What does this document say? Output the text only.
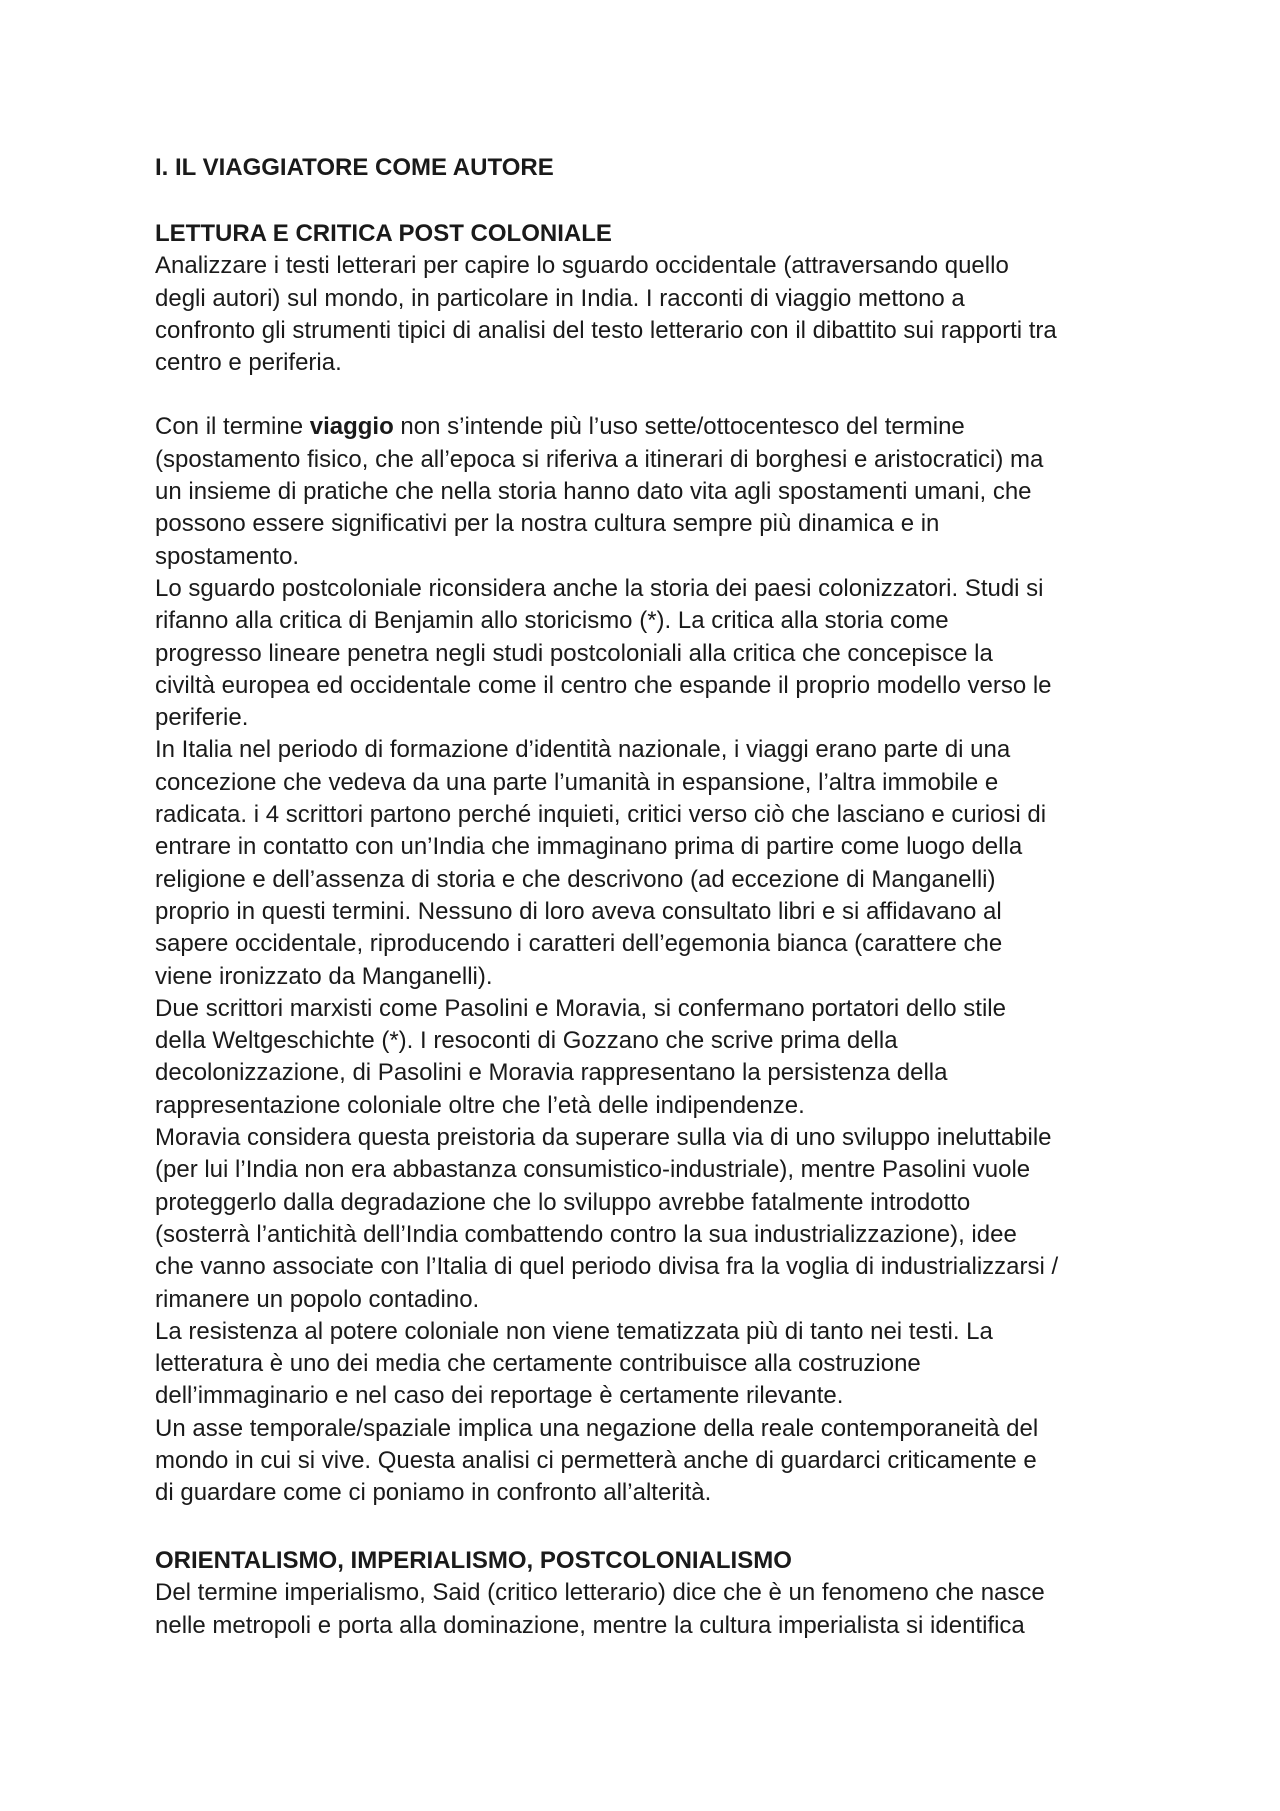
I. IL VIAGGIATORE COME AUTORE
LETTURA E CRITICA POST COLONIALE
Analizzare i testi letterari per capire lo sguardo occidentale (attraversando quello
degli autori) sul mondo, in particolare in India. I racconti di viaggio mettono a
confronto gli strumenti tipici di analisi del testo letterario con il dibattito sui rapporti tra
centro e periferia.
Con il termine viaggio non s’intende più l’uso sette/ottocentesco del termine
(spostamento fisico, che all’epoca si riferiva a itinerari di borghesi e aristocratici) ma
un insieme di pratiche che nella storia hanno dato vita agli spostamenti umani, che
possono essere significativi per la nostra cultura sempre più dinamica e in
spostamento.
Lo sguardo postcoloniale riconsidera anche la storia dei paesi colonizzatori. Studi si
rifanno alla critica di Benjamin allo storicismo (*). La critica alla storia come
progresso lineare penetra negli studi postcoloniali alla critica che concepisce la
civiltà europea ed occidentale come il centro che espande il proprio modello verso le
periferie.
In Italia nel periodo di formazione d’identità nazionale, i viaggi erano parte di una
concezione che vedeva da una parte l’umanità in espansione, l’altra immobile e
radicata. i 4 scrittori partono perché inquieti, critici verso ciò che lasciano e curiosi di
entrare in contatto con un’India che immaginano prima di partire come luogo della
religione e dell’assenza di storia e che descrivono (ad eccezione di Manganelli)
proprio in questi termini. Nessuno di loro aveva consultato libri e si affidavano al
sapere occidentale, riproducendo i caratteri dell’egemonia bianca (carattere che
viene ironizzato da Manganelli).
Due scrittori marxisti come Pasolini e Moravia, si confermano portatori dello stile
della Weltgeschichte (*). I resoconti di Gozzano che scrive prima della
decolonizzazione, di Pasolini e Moravia rappresentano la persistenza della
rappresentazione coloniale oltre che l’età delle indipendenze.
Moravia considera questa preistoria da superare sulla via di uno sviluppo ineluttabile
(per lui l’India non era abbastanza consumistico-industriale), mentre Pasolini vuole
proteggerlo dalla degradazione che lo sviluppo avrebbe fatalmente introdotto
(sosterrà l’antichità dell’India combattendo contro la sua industrializzazione), idee
che vanno associate con l’Italia di quel periodo divisa fra la voglia di industrializzarsi /
rimanere un popolo contadino.
La resistenza al potere coloniale non viene tematizzata più di tanto nei testi. La
letteratura è uno dei media che certamente contribuisce alla costruzione
dell’immaginario e nel caso dei reportage è certamente rilevante.
Un asse temporale/spaziale implica una negazione della reale contemporaneità del
mondo in cui si vive. Questa analisi ci permetterà anche di guardarci criticamente e
di guardare come ci poniamo in confronto all’alterità.
ORIENTALISMO, IMPERIALISMO, POSTCOLONIALISMO
Del termine imperialismo, Said (critico letterario) dice che è un fenomeno che nasce
nelle metropoli e porta alla dominazione, mentre la cultura imperialista si identifica
